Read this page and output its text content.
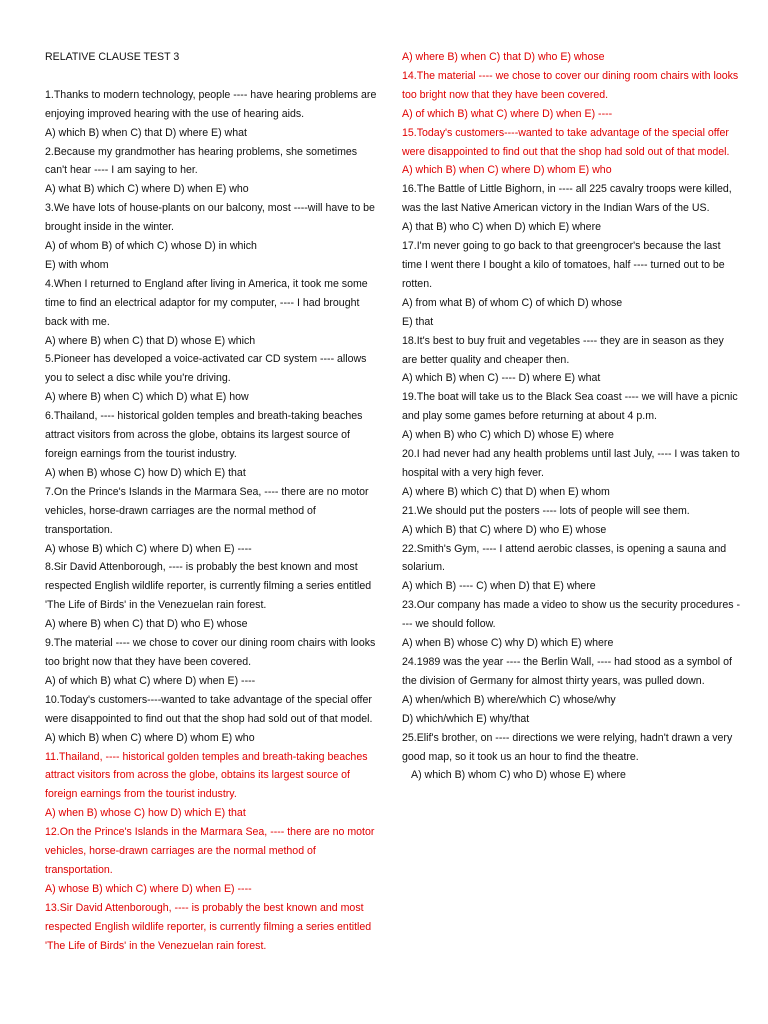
RELATIVE CLAUSE TEST 3

1.Thanks to modern technology, people ---- have hearing problems are enjoying improved hearing with the use of hearing aids.

A) which B) when C) that D) where E) what

2.Because my grandmother has hearing problems, she sometimes can't hear ---- I am saying to her.

A) what B) which C) where D) when E) who

3.We have lots of house-plants on our balcony, most ----will have to be brought inside in the winter.

A) of whom B) of which C) whose D) in which

E) with whom

4.When I returned to England after living in America, it took me some time to find an electrical adaptor for my computer, ---- I had brought back with me.

A) where B) when C) that D) whose E) which

5.Pioneer has developed a voice-activated car CD system ---- allows you to select a disc while you're driving.

A) where B) when C) which D) what E) how

6.Thailand, ---- historical golden temples and breath-taking beaches attract visitors from across the globe, obtains its largest source of foreign earnings from the tourist industry.

A) when B) whose C) how D) which E) that

7.On the Prince's Islands in the Marmara Sea, ---- there are no motor vehicles, horse-drawn carriages are the normal method of transportation.

A) whose B) which C) where D) when E) ----

8.Sir David Attenborough, ---- is probably the best known and most respected English wildlife reporter, is currently filming a series entitled 'The Life of Birds' in the Venezuelan rain forest.

A) where B) when C) that D) who E) whose

9.The material ---- we chose to cover our dining room chairs with looks too bright now that they have been covered.

A) of which B) what C) where D) when E) ----

10.Today's customers----wanted to take advantage of the special offer were disappointed to find out that the shop had sold out of that model.

A) which B) when C) where D) whom E) who

11.Thailand, ---- historical golden temples and breath-taking beaches attract visitors from across the globe, obtains its largest source of foreign earnings from the tourist industry.

A) when B) whose C) how D) which E) that

12.On the Prince's Islands in the Marmara Sea, ---- there are no motor vehicles, horse-drawn carriages are the normal method of transportation.

A) whose B) which C) where D) when E) ----

13.Sir David Attenborough, ---- is probably the best known and most respected English wildlife reporter, is currently filming a series entitled 'The Life of Birds' in the Venezuelan rain forest.

A) where B) when C) that D) who E) whose

14.The material ---- we chose to cover our dining room chairs with looks too bright now that they have been covered.

A) of which B) what C) where D) when E) ----

15.Today's customers----wanted to take advantage of the special offer were disappointed to find out that the shop had sold out of that model.

A) which B) when C) where D) whom E) who

16.The Battle of Little Bighorn, in ---- all 225 cavalry troops were killed, was the last Native American victory in the Indian Wars of the US.

A) that B) who C) when D) which E) where

17.I'm never going to go back to that greengrocer's because the last time I went there I bought a kilo of tomatoes, half ---- turned out to be rotten.

A) from what B) of whom C) of which D) whose

E) that

18.It's best to buy fruit and vegetables ---- they are in season as they are better quality and cheaper then.

A) which B) when C) ---- D) where E) what

19.The boat will take us to the Black Sea coast ---- we will have a picnic and play some games before returning at about 4 p.m.

A) when B) who C) which D) whose E) where

20.I had never had any health problems until last July, ---- I was taken to hospital with a very high fever.

A) where B) which C) that D) when E) whom

21.We should put the posters ---- lots of people will see them.

A) which B) that C) where D) who E) whose

22.Smith's Gym, ---- I attend aerobic classes, is opening a sauna and solarium.

A) which B) ---- C) when D) that E) where

23.Our company has made a video to show us the security procedures ---- we should follow.

A) when B) whose C) why D) which E) where

24.1989 was the year ---- the Berlin Wall, ---- had stood as a symbol of the division of Germany for almost thirty years, was pulled down.

A) when/which B) where/which C) whose/why

D) which/which E) why/that

25.Elif's brother, on ---- directions we were relying, hadn't drawn a very good map, so it took us an hour to find the theatre.

A) which B) whom C) who D) whose E) where
